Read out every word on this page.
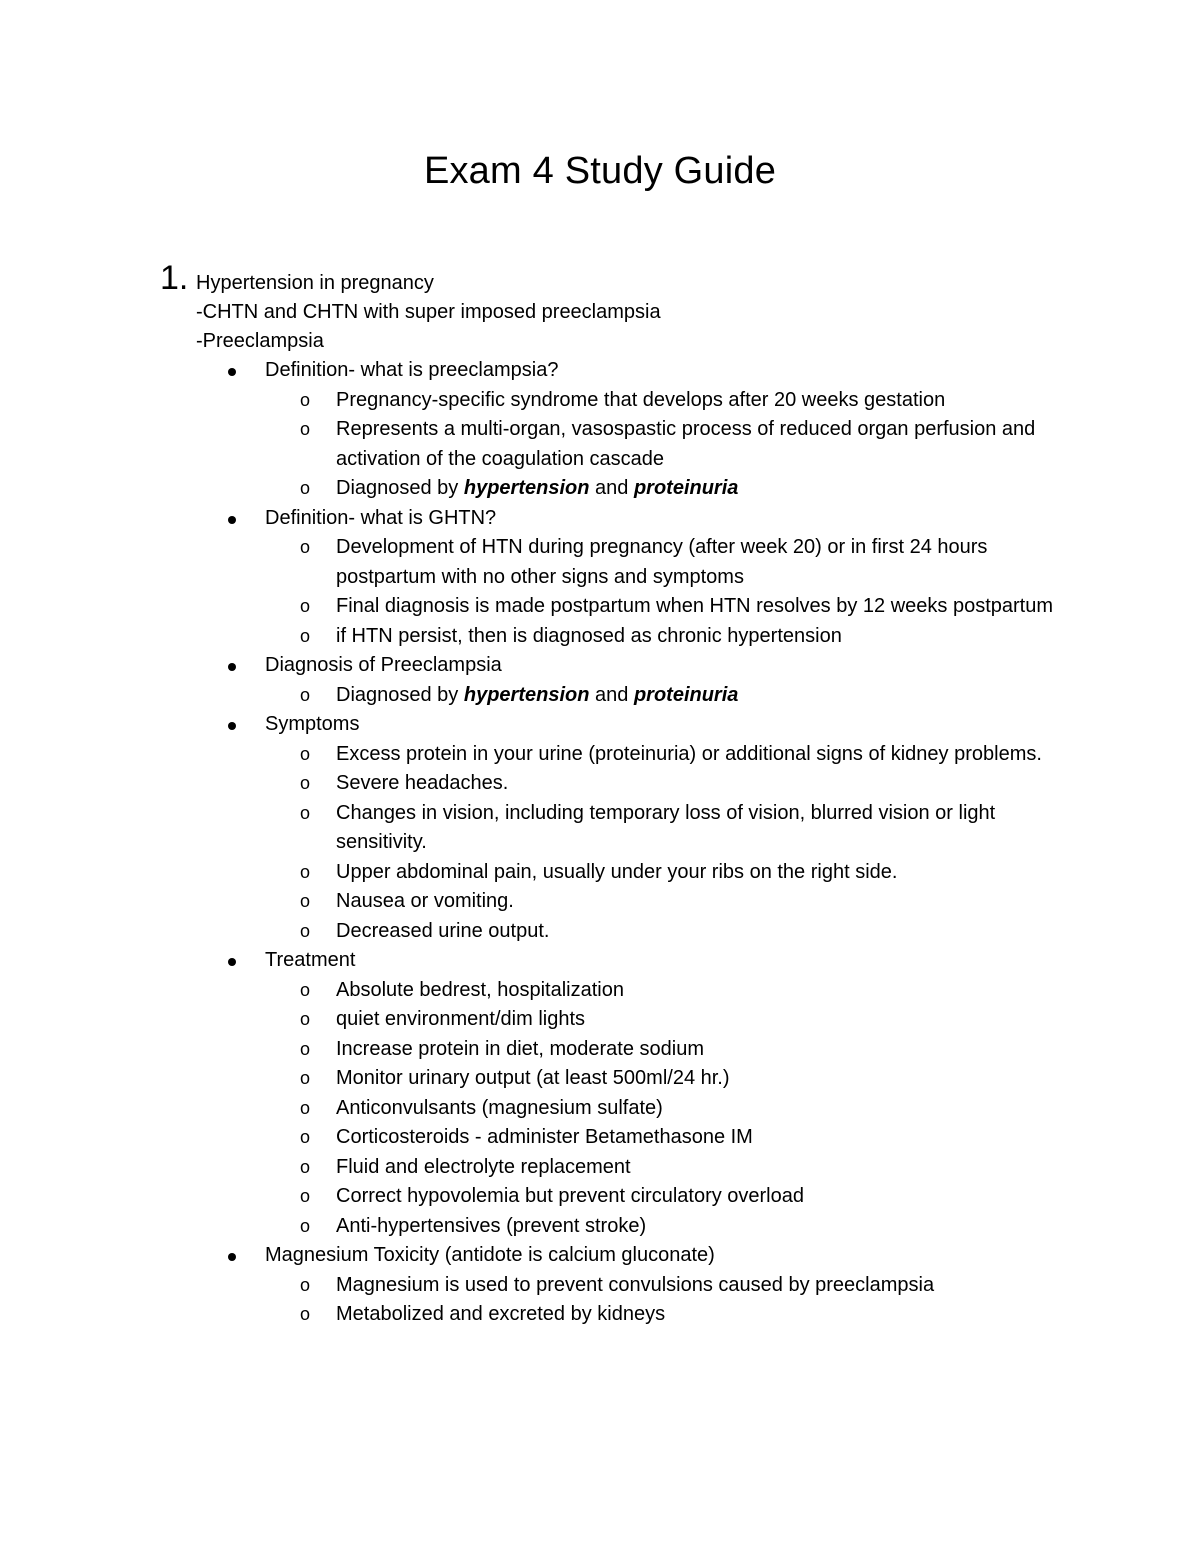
Exam 4 Study Guide
1. Hypertension in pregnancy
-CHTN and CHTN with super imposed preeclampsia
-Preeclampsia
Definition- what is preeclampsia?
o Pregnancy-specific syndrome that develops after 20 weeks gestation
o Represents a multi-organ, vasospastic process of reduced organ perfusion and activation of the coagulation cascade
o Diagnosed by hypertension and proteinuria
Definition- what is GHTN?
o Development of HTN during pregnancy (after week 20) or in first 24 hours postpartum with no other signs and symptoms
o Final diagnosis is made postpartum when HTN resolves by 12 weeks postpartum
o if HTN persist, then is diagnosed as chronic hypertension
Diagnosis of Preeclampsia
o Diagnosed by hypertension and proteinuria
Symptoms
o Excess protein in your urine (proteinuria) or additional signs of kidney problems.
o Severe headaches.
o Changes in vision, including temporary loss of vision, blurred vision or light sensitivity.
o Upper abdominal pain, usually under your ribs on the right side.
o Nausea or vomiting.
o Decreased urine output.
Treatment
o Absolute bedrest, hospitalization
o quiet environment/dim lights
o Increase protein in diet, moderate sodium
o Monitor urinary output (at least 500ml/24 hr.)
o Anticonvulsants (magnesium sulfate)
o Corticosteroids - administer Betamethasone IM
o Fluid and electrolyte replacement
o Correct hypovolemia but prevent circulatory overload
o Anti-hypertensives (prevent stroke)
Magnesium Toxicity (antidote is calcium gluconate)
o Magnesium is used to prevent convulsions caused by preeclampsia
o Metabolized and excreted by kidneys
